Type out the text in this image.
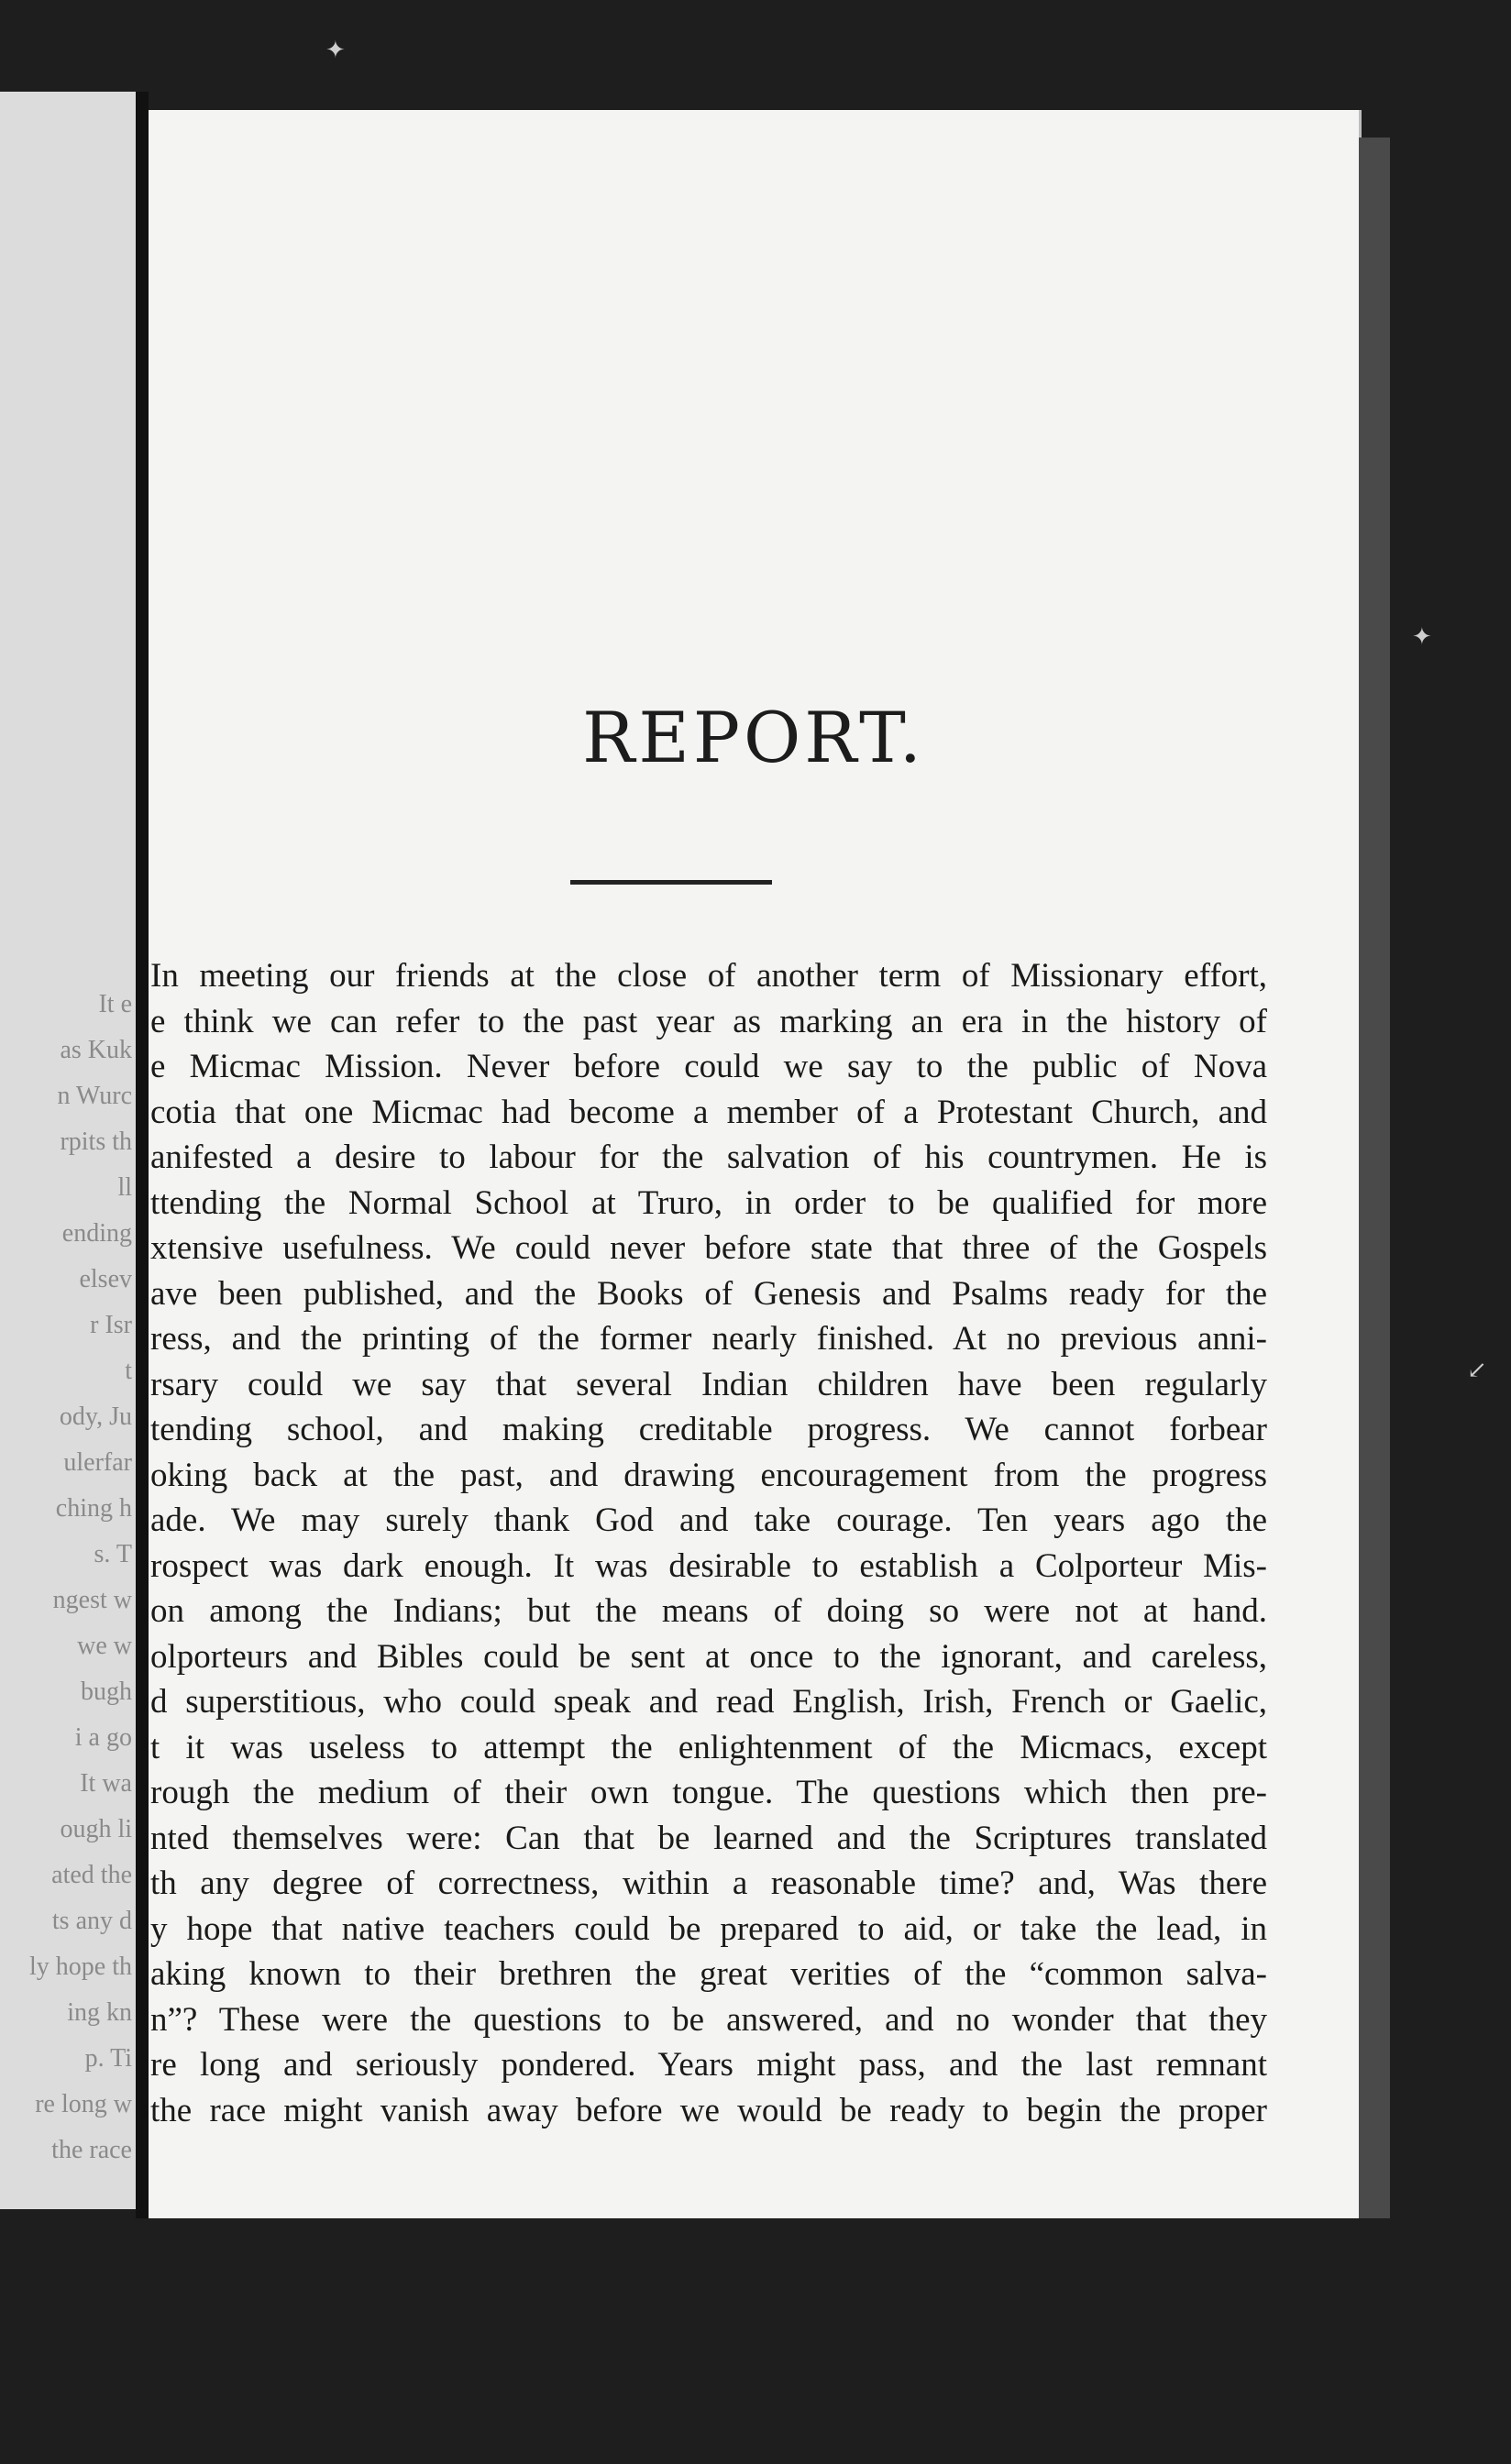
It e
as Kuk
n Wurc
rpits th
ll
ending
elsev
r Isr
t
ody, Ju
ulerfar
ching h
s. T
ngest w
we w
bugh
i a go
It wa
ough li
ated the
ts any d
ly hope th
ing kn
p. Ti
re long w
the race
REPORT.
In meeting our friends at the close of another term of Missionary effort,
e think we can refer to the past year as marking an era in the history of
e Micmac Mission. Never before could we say to the public of Nova
cotia that one Micmac had become a member of a Protestant Church, and
anifested a desire to labour for the salvation of his countrymen. He is
ttending the Normal School at Truro, in order to be qualified for more
xtensive usefulness. We could never before state that three of the Gospels
ave been published, and the Books of Genesis and Psalms ready for the
ress, and the printing of the former nearly finished. At no previous anni-
rsary could we say that several Indian children have been regularly
tending school, and making creditable progress. We cannot forbear
oking back at the past, and drawing encouragement from the progress
ade. We may surely thank God and take courage. Ten years ago the
rospect was dark enough. It was desirable to establish a Colporteur Mis-
on among the Indians; but the means of doing so were not at hand.
olporteurs and Bibles could be sent at once to the ignorant, and careless,
d superstitious, who could speak and read English, Irish, French or Gaelic,
t it was useless to attempt the enlightenment of the Micmacs, except
rough the medium of their own tongue. The questions which then pre-
nted themselves were: Can that be learned and the Scriptures translated
th any degree of correctness, within a reasonable time? and, Was there
y hope that native teachers could be prepared to aid, or take the lead, in
aking known to their brethren the great verities of the “common salva-
n”? These were the questions to be answered, and no wonder that they
re long and seriously pondered. Years might pass, and the last remnant
the race might vanish away before we would be ready to begin the proper
✦
✦
↙
